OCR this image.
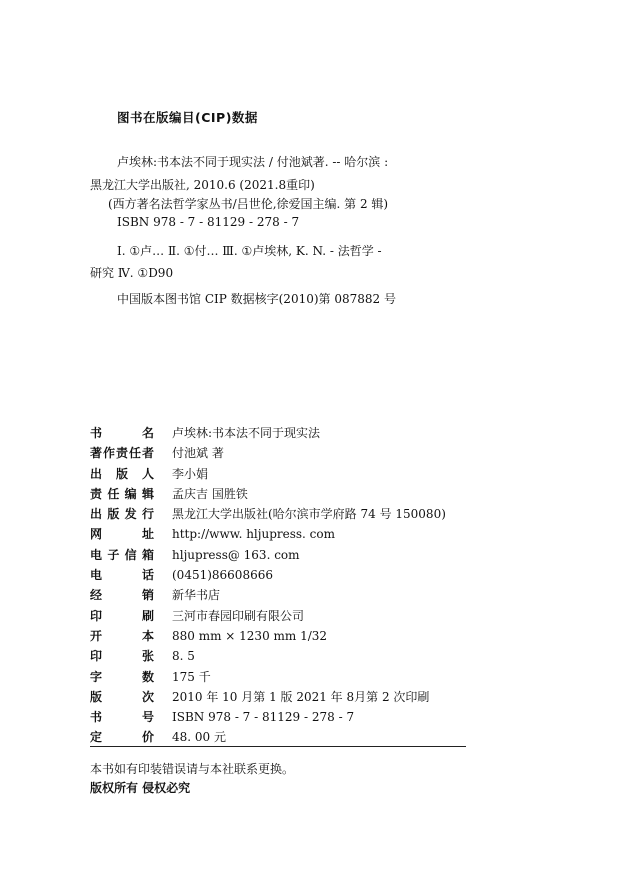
图书在版编目(CIP)数据
卢埃林:书本法不同于现实法 / 付池斌著. -- 哈尔滨 :
黑龙江大学出版社, 2010.6 (2021.8重印)
(西方著名法哲学家丛书/吕世伦,徐爱国主编. 第 2 辑)
ISBN 978 - 7 - 81129 - 278 - 7
Ⅰ. ①卢… Ⅱ. ①付… Ⅲ. ①卢埃林, K. N. - 法哲学 -
研究 Ⅳ. ①D90
中国版本图书馆 CIP 数据核字(2010)第 087882 号
书	名 卢埃林:书本法不同于现实法
著 作 责 任 者 付池斌 著
出 版 人 李小娟
责 任 编 辑 孟庆吉 国胜铁
出 版 发 行 黑龙江大学出版社(哈尔滨市学府路 74 号 150080)
网	址 http://www. hljupress. com
电 子 信 箱 hljupress@ 163. com
电	话 (0451)86608666
经	销 新华书店
印	刷 三河市春园印刷有限公司
开	本 880 mm × 1230 mm 1/32
印	张 8. 5
字	数 175 千
版	次 2010 年 10 月第 1 版 2021 年 8月第 2 次印刷
书	号 ISBN 978 - 7 - 81129 - 278 - 7
定	价 48. 00 元
本书如有印装错误请与本社联系更换。
版权所有 侵权必究
